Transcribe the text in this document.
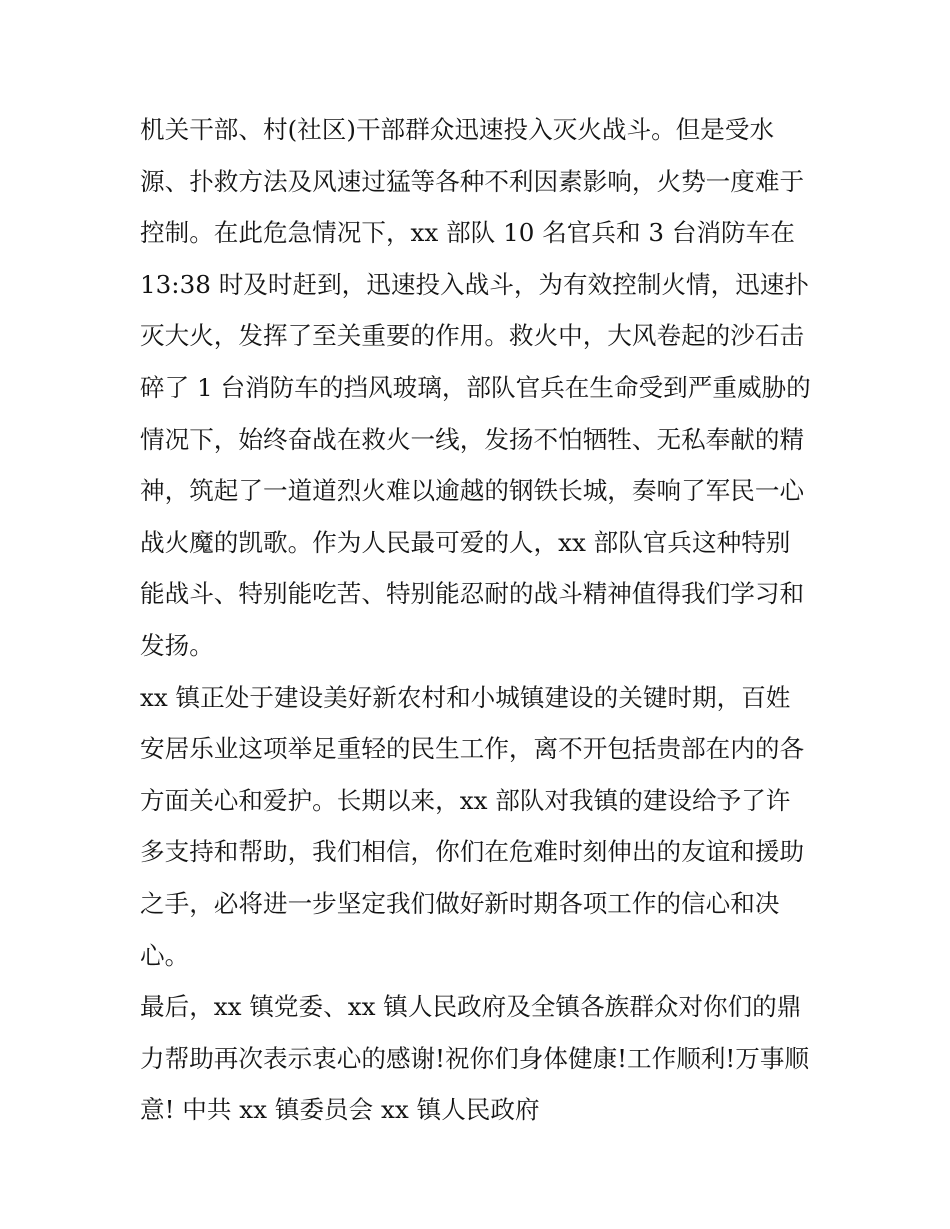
机关干部、村(社区)干部群众迅速投入灭火战斗。但是受水
源、扑救方法及风速过猛等各种不利因素影响，火势一度难于
控制。在此危急情况下，xx 部队 10 名官兵和 3 台消防车在
13:38 时及时赶到，迅速投入战斗，为有效控制火情，迅速扑
灭大火，发挥了至关重要的作用。救火中，大风卷起的沙石击
碎了 1 台消防车的挡风玻璃，部队官兵在生命受到严重威胁的
情况下，始终奋战在救火一线，发扬不怕牺牲、无私奉献的精
神，筑起了一道道烈火难以逾越的钢铁长城，奏响了军民一心
战火魔的凯歌。作为人民最可爱的人，xx 部队官兵这种特别
能战斗、特别能吃苦、特别能忍耐的战斗精神值得我们学习和
发扬。
xx 镇正处于建设美好新农村和小城镇建设的关键时期，百姓
安居乐业这项举足重轻的民生工作，离不开包括贵部在内的各
方面关心和爱护。长期以来，xx 部队对我镇的建设给予了许
多支持和帮助，我们相信，你们在危难时刻伸出的友谊和援助
之手，必将进一步坚定我们做好新时期各项工作的信心和决
心。
最后，xx 镇党委、xx 镇人民政府及全镇各族群众对你们的鼎
力帮助再次表示衷心的感谢!祝你们身体健康!工作顺利!万事顺
意! 中共 xx 镇委员会 xx 镇人民政府
